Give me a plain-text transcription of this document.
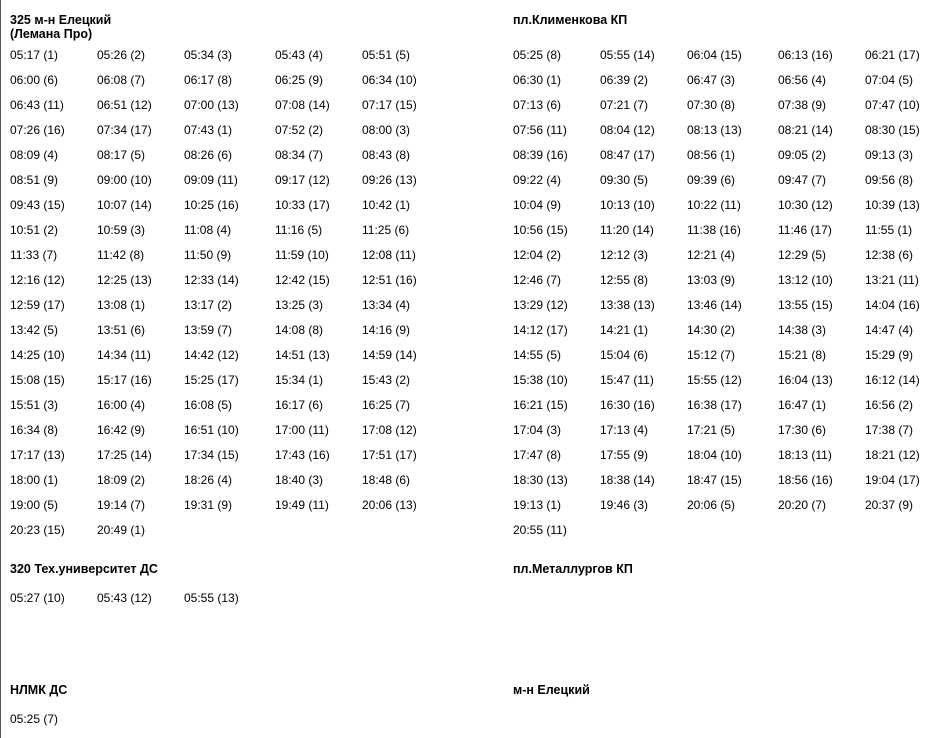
325 м-н Елецкий
(Лемана Про)
05:17 (1)	05:26 (2)	05:34 (3)	05:43 (4)	05:51 (5)
06:00 (6)	06:08 (7)	06:17 (8)	06:25 (9)	06:34 (10)
06:43 (11)	06:51 (12)	07:00 (13)	07:08 (14)	07:17 (15)
07:26 (16)	07:34 (17)	07:43 (1)	07:52 (2)	08:00 (3)
08:09 (4)	08:17 (5)	08:26 (6)	08:34 (7)	08:43 (8)
08:51 (9)	09:00 (10)	09:09 (11)	09:17 (12)	09:26 (13)
09:43 (15)	10:07 (14)	10:25 (16)	10:33 (17)	10:42 (1)
10:51 (2)	10:59 (3)	11:08 (4)	11:16 (5)	11:25 (6)
11:33 (7)	11:42 (8)	11:50 (9)	11:59 (10)	12:08 (11)
12:16 (12)	12:25 (13)	12:33 (14)	12:42 (15)	12:51 (16)
12:59 (17)	13:08 (1)	13:17 (2)	13:25 (3)	13:34 (4)
13:42 (5)	13:51 (6)	13:59 (7)	14:08 (8)	14:16 (9)
14:25 (10)	14:34 (11)	14:42 (12)	14:51 (13)	14:59 (14)
15:08 (15)	15:17 (16)	15:25 (17)	15:34 (1)	15:43 (2)
15:51 (3)	16:00 (4)	16:08 (5)	16:17 (6)	16:25 (7)
16:34 (8)	16:42 (9)	16:51 (10)	17:00 (11)	17:08 (12)
17:17 (13)	17:25 (14)	17:34 (15)	17:43 (16)	17:51 (17)
18:00 (1)	18:09 (2)	18:26 (4)	18:40 (3)	18:48 (6)
19:00 (5)	19:14 (7)	19:31 (9)	19:49 (11)	20:06 (13)
20:23 (15)	20:49 (1)
пл.Клименкова КП
05:25 (8)	05:55 (14)	06:04 (15)	06:13 (16)	06:21 (17)
06:30 (1)	06:39 (2)	06:47 (3)	06:56 (4)	07:04 (5)
07:13 (6)	07:21 (7)	07:30 (8)	07:38 (9)	07:47 (10)
07:56 (11)	08:04 (12)	08:13 (13)	08:21 (14)	08:30 (15)
08:39 (16)	08:47 (17)	08:56 (1)	09:05 (2)	09:13 (3)
09:22 (4)	09:30 (5)	09:39 (6)	09:47 (7)	09:56 (8)
10:04 (9)	10:13 (10)	10:22 (11)	10:30 (12)	10:39 (13)
10:56 (15)	11:20 (14)	11:38 (16)	11:46 (17)	11:55 (1)
12:04 (2)	12:12 (3)	12:21 (4)	12:29 (5)	12:38 (6)
12:46 (7)	12:55 (8)	13:03 (9)	13:12 (10)	13:21 (11)
13:29 (12)	13:38 (13)	13:46 (14)	13:55 (15)	14:04 (16)
14:12 (17)	14:21 (1)	14:30 (2)	14:38 (3)	14:47 (4)
14:55 (5)	15:04 (6)	15:12 (7)	15:21 (8)	15:29 (9)
15:38 (10)	15:47 (11)	15:55 (12)	16:04 (13)	16:12 (14)
16:21 (15)	16:30 (16)	16:38 (17)	16:47 (1)	16:56 (2)
17:04 (3)	17:13 (4)	17:21 (5)	17:30 (6)	17:38 (7)
17:47 (8)	17:55 (9)	18:04 (10)	18:13 (11)	18:21 (12)
18:30 (13)	18:38 (14)	18:47 (15)	18:56 (16)	19:04 (17)
19:13 (1)	19:46 (3)	20:06 (5)	20:20 (7)	20:37 (9)
20:55 (11)
320 Тех.университет ДС
05:27 (10)	05:43 (12)	05:55 (13)
пл.Металлургов КП
НЛМК ДС
05:25 (7)
м-н Елецкий
